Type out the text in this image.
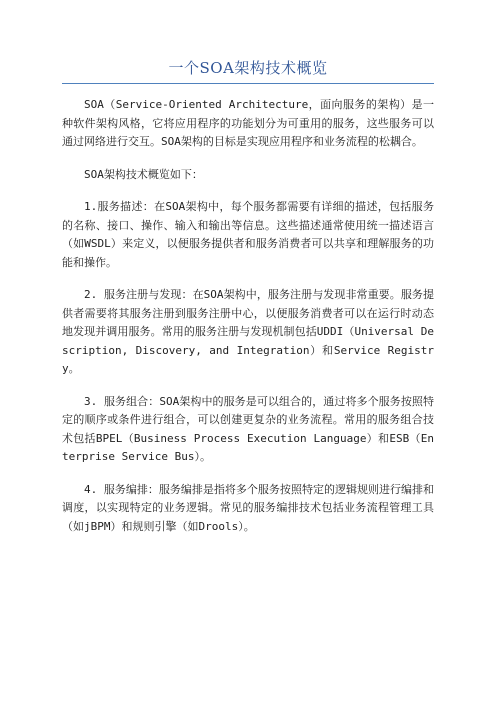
一个SOA架构技术概览

SOA（Service-Oriented Architecture，面向服务的架构）是一种软件架构风格，它将应用程序的功能划分为可重用的服务，这些服务可以通过网络进行交互。SOA架构的目标是实现应用程序和业务流程的松耦合。

SOA架构技术概览如下：

1.服务描述：在SOA架构中，每个服务都需要有详细的描述，包括服务的名称、接口、操作、输入和输出等信息。这些描述通常使用统一描述语言（如WSDL）来定义，以便服务提供者和服务消费者可以共享和理解服务的功能和操作。

2. 服务注册与发现：在SOA架构中，服务注册与发现非常重要。服务提供者需要将其服务注册到服务注册中心，以便服务消费者可以在运行时动态地发现并调用服务。常用的服务注册与发现机制包括UDDI（Universal Description, Discovery, and Integration）和Service Registry。

3. 服务组合：SOA架构中的服务是可以组合的，通过将多个服务按照特定的顺序或条件进行组合，可以创建更复杂的业务流程。常用的服务组合技术包括BPEL（Business Process Execution Language）和ESB（Enterprise Service Bus）。

4. 服务编排：服务编排是指将多个服务按照特定的逻辑规则进行编排和调度，以实现特定的业务逻辑。常见的服务编排技术包括业务流程管理工具（如jBPM）和规则引擎（如Drools）。
